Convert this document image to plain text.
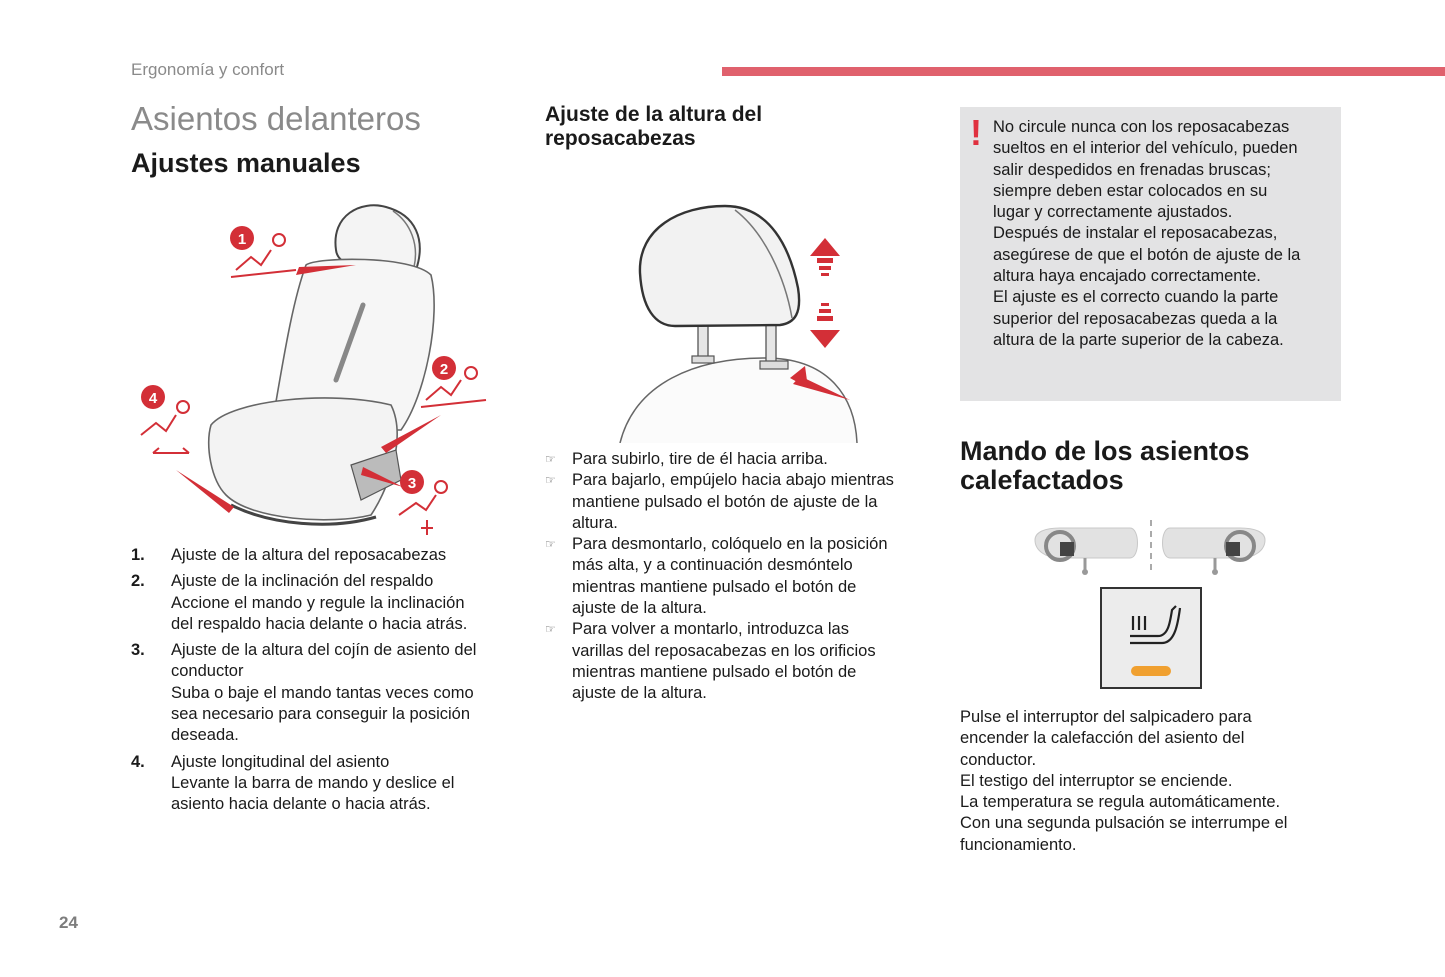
Ergonomía y confort
Asientos delanteros
Ajustes manuales
1
2
3
4
1. Ajuste de la altura del reposacabezas
2. Ajuste de la inclinación del respaldo
Accione el mando y regule la inclinación
del respaldo hacia delante o hacia atrás.
3. Ajuste de la altura del cojín de asiento del
conductor
Suba o baje el mando tantas veces como
sea necesario para conseguir la posición
deseada.
4. Ajuste longitudinal del asiento
Levante la barra de mando y deslice el
asiento hacia delante o hacia atrás.
Ajuste de la altura del reposacabezas
☞ Para subirlo, tire de él hacia arriba.
☞ Para bajarlo, empújelo hacia abajo mientras
mantiene pulsado el botón de ajuste de la
altura.
☞ Para desmontarlo, colóquelo en la posición
más alta, y a continuación desmóntelo
mientras mantiene pulsado el botón de
ajuste de la altura.
☞ Para volver a montarlo, introduzca las
varillas del reposacabezas en los orificios
mientras mantiene pulsado el botón de
ajuste de la altura.
! No circule nunca con los reposacabezas
sueltos en el interior del vehículo, pueden
salir despedidos en frenadas bruscas;
siempre deben estar colocados en su
lugar y correctamente ajustados.
Después de instalar el reposacabezas,
asegúrese de que el botón de ajuste de la
altura haya encajado correctamente.
El ajuste es el correcto cuando la parte
superior del reposacabezas queda a la
altura de la parte superior de la cabeza.
Mando de los asientos calefactados
Pulse el interruptor del salpicadero para
encender la calefacción del asiento del
conductor.
El testigo del interruptor se enciende.
La temperatura se regula automáticamente.
Con una segunda pulsación se interrumpe el
funcionamiento.
24
